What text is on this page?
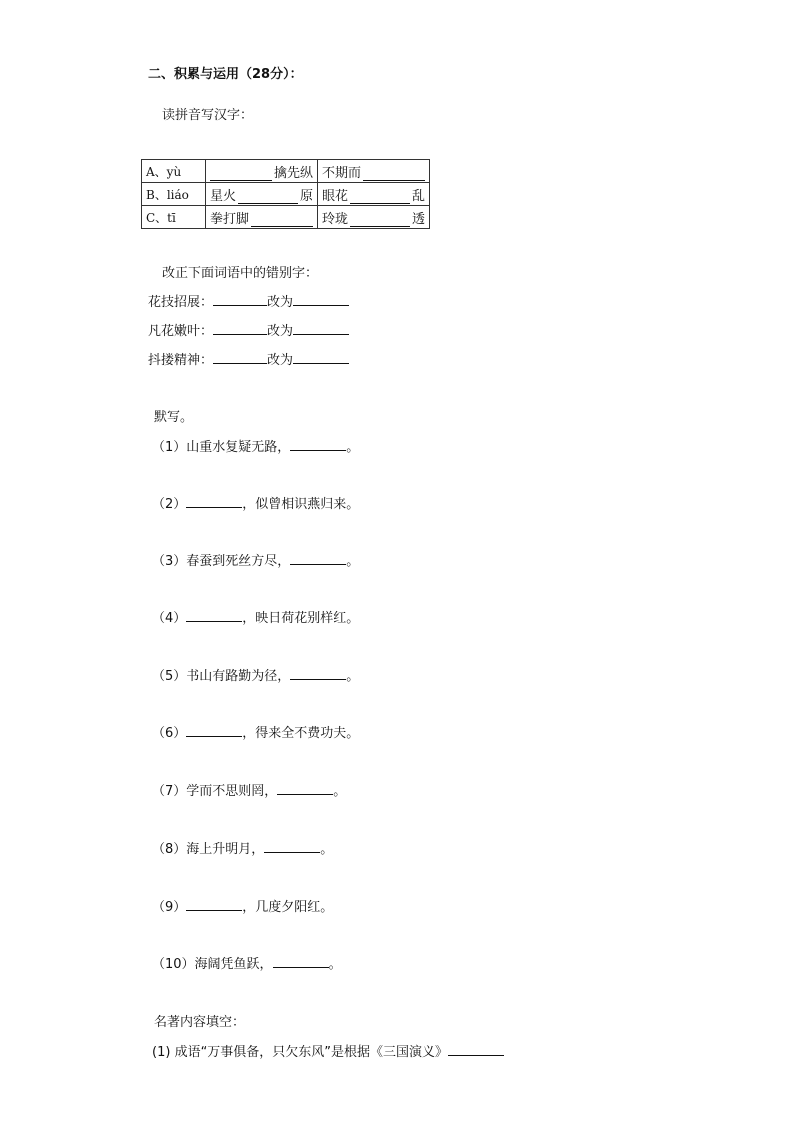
二、积累与运用（28分）：
读拼音写汉字：
A、yù	擒先纵	不期而

B、liáo	星火 原	眼花 乱

C、tī	拳打脚	玲珑 透
改正下面词语中的错别字：
花技招展：	改为
凡花嫩叶：	改为
抖搂精神：	改为
默写。
（1）山重水复疑无路，	。
（2）	，似曾相识燕归来。
（3）春蚕到死丝方尽，	。
（4）	，映日荷花别样红。
（5）书山有路勤为径，	。
（6）	，得来全不费功夫。
（7）学而不思则罔，	。
（8）海上升明月，	。
（9）	，几度夕阳红。
（10）海阔凭鱼跃，	。
名著内容填空：
(1) 成语“万事俱备，只欠东风”是根据《三国演义》
